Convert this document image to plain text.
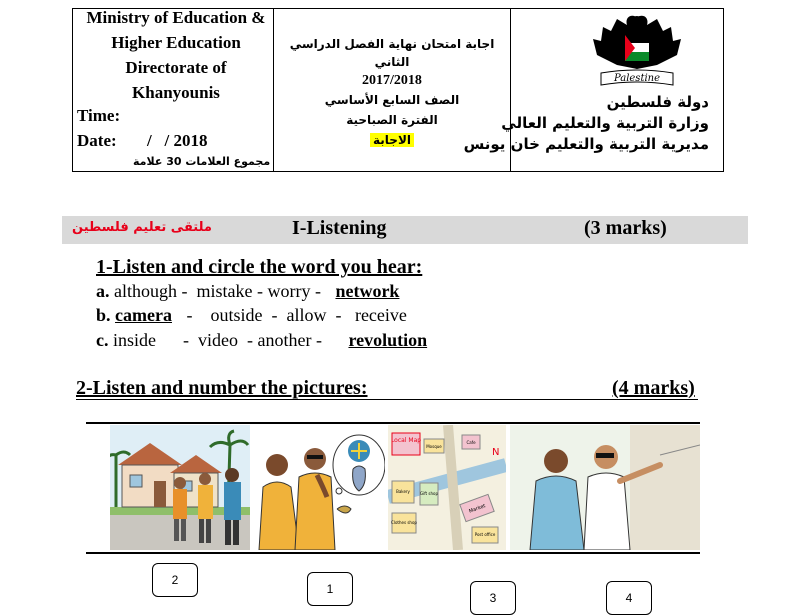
Ministry of Education &
Higher Education
Directorate of
Khanyounis
Time:
Date: /   / 2018
مجموع العلامات 30 علامة
اجابة امتحان نهاية الفصل الدراسي
الثاني
2017/2018
الصف السابع الأساسي
الفترة الصباحية
الاجابة
Palestine
دولة فلسطين
وزارة التربية والتعليم العالي
مديرية التربية والتعليم خان يونس
ملتقى تعليم فلسطين	I-Listening	(3 marks)
1-Listen and circle the word you hear:
a. although -  mistake - worry - network
b. camera -    outside  -  allow  -   receive
c. inside      -  video  - another - revolution
2-Listen and number the pictures:	(4 marks)
Local Map
Mosque
Cafe
N
Bakery	Gift shop
Clothes shop
Market
Post office
2
1
3	4
